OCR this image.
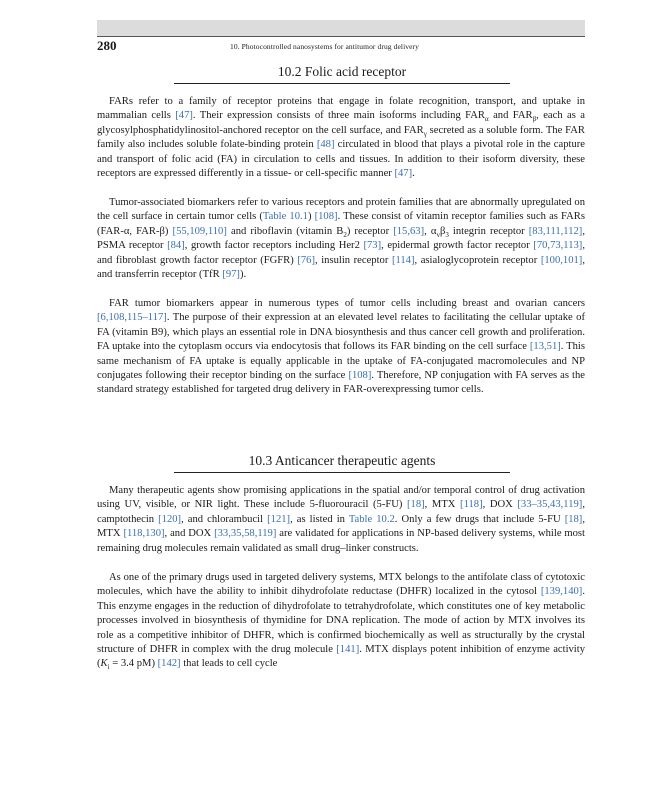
280	10. Photocontrolled nanosystems for antitumor drug delivery
10.2 Folic acid receptor

FARs refer to a family of receptor proteins that engage in folate recognition, transport, and uptake in mammalian cells [47]. Their expression consists of three main isoforms including $FAR_\alpha$ and $FAR_\beta$, each as a glycosylphosphatidylinositol-anchored receptor on the cell surface, and $FAR_\gamma$ secreted as a soluble form. The FAR family also includes soluble folate-binding protein [48] circulated in blood that plays a pivotal role in the capture and transport of folic acid (FA) in circulation to cells and tissues. In addition to their isoform diversity, these receptors are expressed differently in a tissue- or cell-specific manner [47].

Tumor-associated biomarkers refer to various receptors and protein families that are abnormally upregulated on the cell surface in certain tumor cells (Table 10.1) [108]. These consist of vitamin receptor families such as FARs (FAR-α, FAR-β) [55,109,110] and riboflavin (vitamin $B_2$) receptor [15,63], $\alpha_v\beta_3$ integrin receptor [83,111,112], PSMA receptor [84], growth factor receptors including Her2 [73], epidermal growth factor receptor [70,73,113], and fibroblast growth factor receptor (FGFR) [76], insulin receptor [114], asialoglycoprotein receptor [100,101], and transferrin receptor (TfR [97]).

FAR tumor biomarkers appear in numerous types of tumor cells including breast and ovarian cancers [6,108,115–117]. The purpose of their expression at an elevated level relates to facilitating the cellular uptake of FA (vitamin B9), which plays an essential role in DNA biosynthesis and thus cancer cell growth and proliferation. FA uptake into the cytoplasm occurs via endocytosis that follows its FAR binding on the cell surface [13,51]. This same mechanism of FA uptake is equally applicable in the uptake of FA-conjugated macromolecules and NP conjugates following their receptor binding on the surface [108]. Therefore, NP conjugation with FA serves as the standard strategy established for targeted drug delivery in FAR-overexpressing tumor cells.

10.3 Anticancer therapeutic agents

Many therapeutic agents show promising applications in the spatial and/or temporal control of drug activation using UV, visible, or NIR light. These include 5-fluorouracil (5-FU) [18], MTX [118], DOX [33–35,43,119], camptothecin [120], and chlorambucil [121], as listed in Table 10.2. Only a few drugs that include 5-FU [18], MTX [118,130], and DOX [33,35,58,119] are validated for applications in NP-based delivery systems, while most remaining drug molecules remain validated as small drug–linker constructs.

As one of the primary drugs used in targeted delivery systems, MTX belongs to the antifolate class of cytotoxic molecules, which have the ability to inhibit dihydrofolate reductase (DHFR) localized in the cytosol [139,140]. This enzyme engages in the reduction of dihydrofolate to tetrahydrofolate, which constitutes one of key metabolic processes involved in biosynthesis of thymidine for DNA replication. The mode of action by MTX involves its role as a competitive inhibitor of DHFR, which is confirmed biochemically as well as structurally by the crystal structure of DHFR in complex with the drug molecule [141]. MTX displays potent inhibition of enzyme activity ($K_i = 3.4$ pM) [142] that leads to cell cycle
